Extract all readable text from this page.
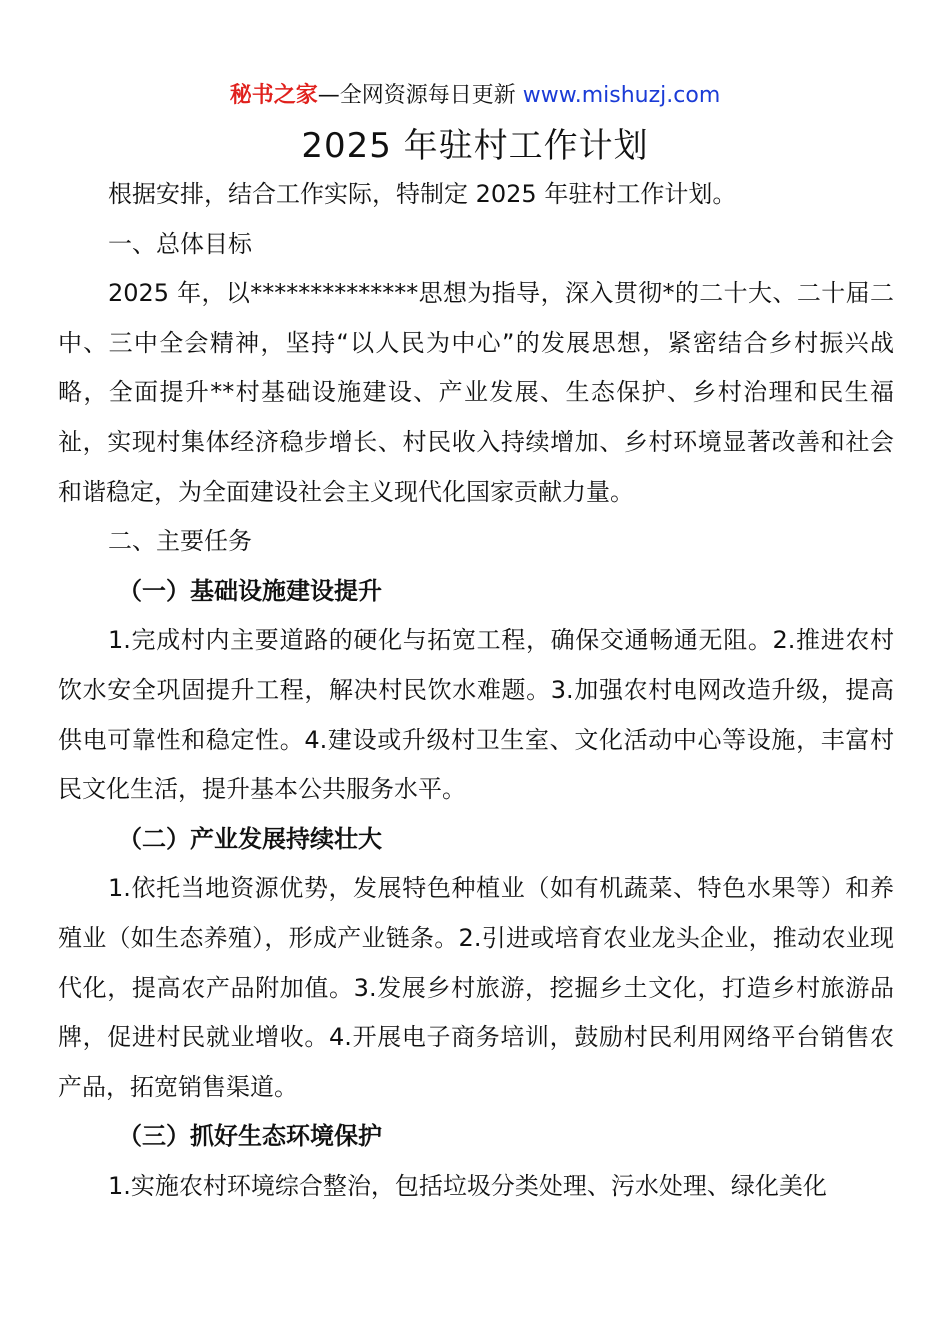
秘书之家—全网资源每日更新 www.mishuzj.com
2025 年驻村工作计划

根据安排，结合工作实际，特制定 2025 年驻村工作计划。

一、总体目标

2025 年，以**************思想为指导，深入贯彻*的二十大、二十届二中、三中全会精神，坚持“以人民为中心”的发展思想，紧密结合乡村振兴战略，全面提升**村基础设施建设、产业发展、生态保护、乡村治理和民生福祉，实现村集体经济稳步增长、村民收入持续增加、乡村环境显著改善和社会和谐稳定，为全面建设社会主义现代化国家贡献力量。

二、主要任务

（一）基础设施建设提升

1.完成村内主要道路的硬化与拓宽工程，确保交通畅通无阻。2.推进农村饮水安全巩固提升工程，解决村民饮水难题。3.加强农村电网改造升级，提高供电可靠性和稳定性。4.建设或升级村卫生室、文化活动中心等设施，丰富村民文化生活，提升基本公共服务水平。

（二）产业发展持续壮大

1.依托当地资源优势，发展特色种植业（如有机蔬菜、特色水果等）和养殖业（如生态养殖），形成产业链条。2.引进或培育农业龙头企业，推动农业现代化，提高农产品附加值。3.发展乡村旅游，挖掘乡土文化，打造乡村旅游品牌，促进村民就业增收。4.开展电子商务培训，鼓励村民利用网络平台销售农产品，拓宽销售渠道。

（三）抓好生态环境保护

1.实施农村环境综合整治，包括垃圾分类处理、污水处理、绿化美化
